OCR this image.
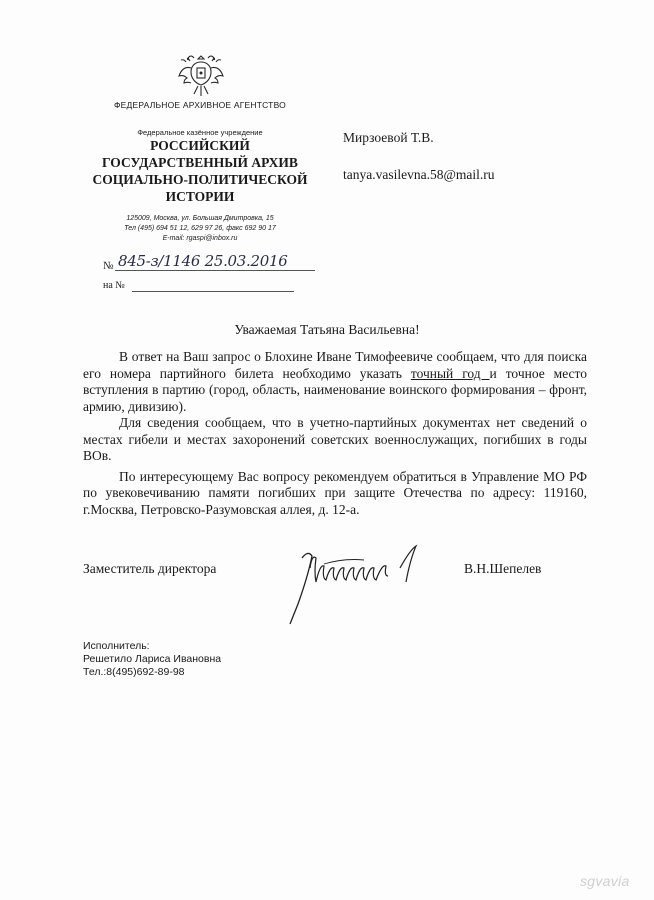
ФЕДЕРАЛЬНОЕ АРХИВНОЕ АГЕНТСТВО
Федеральное казённое учреждение
РОССИЙСКИЙ
ГОСУДАРСТВЕННЫЙ АРХИВ
СОЦИАЛЬНО-ПОЛИТИЧЕСКОЙ
ИСТОРИИ
125009, Москва, ул. Большая Дмитровка, 15
Тел (495) 694 51 12, 629 97 26, факс 692 90 17
E-mail: rgaspi@inbox.ru
№ 845-з/1146 25.03.2016
на №
Мирзоевой Т.В.
tanya.vasilevna.58@mail.ru
Уважаемая Татьяна Васильевна!

В ответ на Ваш запрос о Блохине Иване Тимофеевиче сообщаем, что для поиска его номера партийного билета необходимо указать точный год и точное место вступления в партию (город, область, наименование воинского формирования – фронт, армию, дивизию).

Для сведения сообщаем, что в учетно-партийных документах нет сведений о местах гибели и местах захоронений советских военнослужащих, погибших в годы ВОв.

По интересующему Вас вопросу рекомендуем обратиться в Управление МО РФ по увековечиванию памяти погибших при защите Отечества по адресу: 119160, г.Москва, Петровско-Разумовская аллея, д. 12-а.

Заместитель директора	В.Н.Шепелев
Исполнитель:
Решетило Лариса Ивановна
Тел.:8(495)692-89-98
sgvavia
